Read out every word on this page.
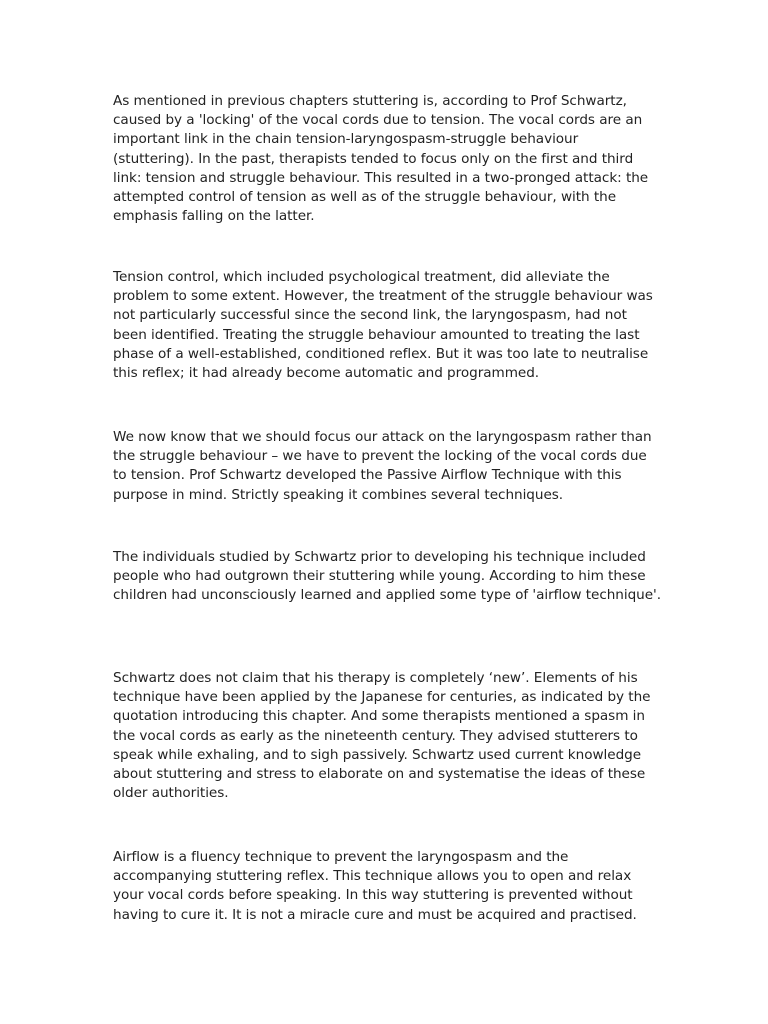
As mentioned in previous chapters stuttering is, according to Prof Schwartz, caused by a 'locking' of the vocal cords due to tension. The vocal cords are an important link in the chain tension-laryngospasm-struggle behaviour (stuttering). In the past, therapists tended to focus only on the first and third link: tension and struggle behaviour. This resulted in a two-pronged attack: the attempted control of tension as well as of the struggle behaviour, with the emphasis falling on the latter.

Tension control, which included psychological treatment, did alleviate the problem to some extent. However, the treatment of the struggle behaviour was not particularly successful since the second link, the laryngospasm, had not been identified. Treating the struggle behaviour amounted to treating the last phase of a well-established, conditioned reflex. But it was too late to neutralise this reflex; it had already become automatic and programmed.

We now know that we should focus our attack on the laryngospasm rather than the struggle behaviour – we have to prevent the locking of the vocal cords due to tension. Prof Schwartz developed the Passive Airflow Technique with this purpose in mind. Strictly speaking it combines several techniques.

The individuals studied by Schwartz prior to developing his technique included people who had outgrown their stuttering while young. According to him these children had unconsciously learned and applied some type of 'airflow technique'.

Schwartz does not claim that his therapy is completely ‘new’. Elements of his technique have been applied by the Japanese for centuries, as indicated by the quotation introducing this chapter. And some therapists mentioned a spasm in the vocal cords as early as the nineteenth century. They advised stutterers to speak while exhaling, and to sigh passively. Schwartz used current knowledge about stuttering and stress to elaborate on and systematise the ideas of these older authorities.

Airflow is a fluency technique to prevent the laryngospasm and the accompanying stuttering reflex. This technique allows you to open and relax your vocal cords before speaking. In this way stuttering is prevented without having to cure it. It is not a miracle cure and must be acquired and practised.
